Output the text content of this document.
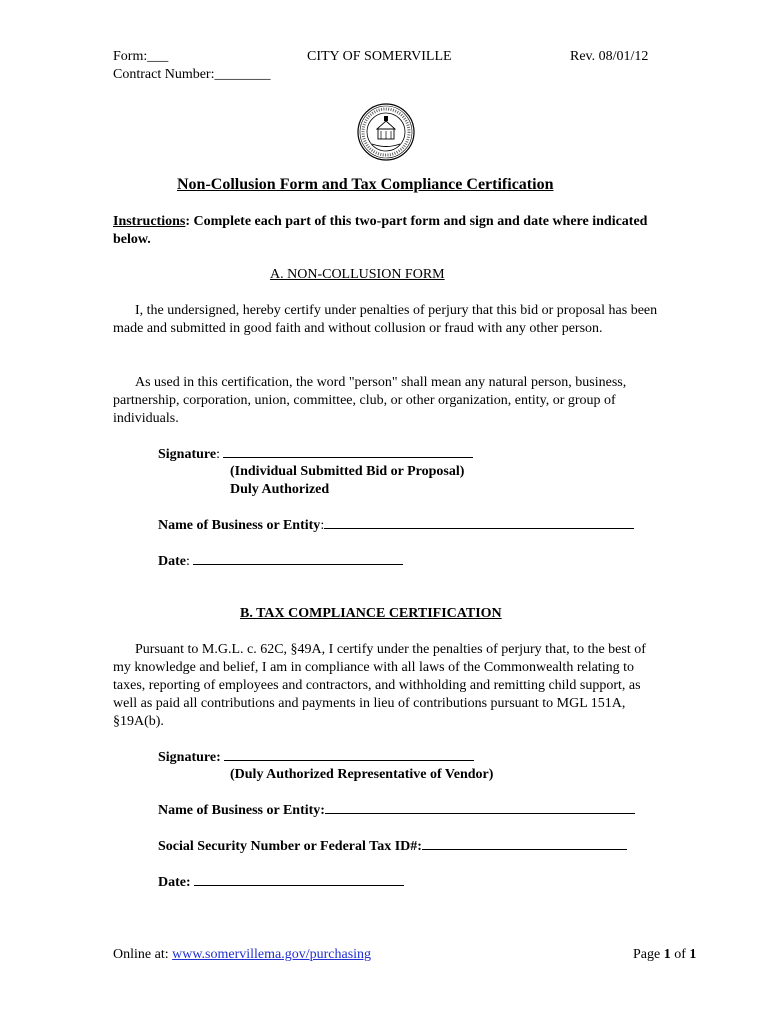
Form:___
Contract Number:________
CITY OF SOMERVILLE	Rev. 08/01/12
Non-Collusion Form and Tax Compliance Certification
Instructions: Complete each part of this two-part form and sign and date where indicated below.
A. NON-COLLUSION FORM
I, the undersigned, hereby certify under penalties of perjury that this bid or proposal has been made and submitted in good faith and without collusion or fraud with any other person.
As used in this certification, the word "person" shall mean any natural person, business, partnership, corporation, union, committee, club, or other organization, entity, or group of individuals.
Signature:
(Individual Submitted Bid or Proposal)
Duly Authorized
Name of Business or Entity:
Date:
B. TAX COMPLIANCE CERTIFICATION
Pursuant to M.G.L. c. 62C, §49A, I certify under the penalties of perjury that, to the best of my knowledge and belief, I am in compliance with all laws of the Commonwealth relating to taxes, reporting of employees and contractors, and withholding and remitting child support, as well as paid all contributions and payments in lieu of contributions pursuant to MGL 151A, §19A(b).
Signature:
(Duly Authorized Representative of Vendor)
Name of Business or Entity:
Social Security Number or Federal Tax ID#:
Date:
Online at: www.somervillema.gov/purchasing	Page 1 of 1
